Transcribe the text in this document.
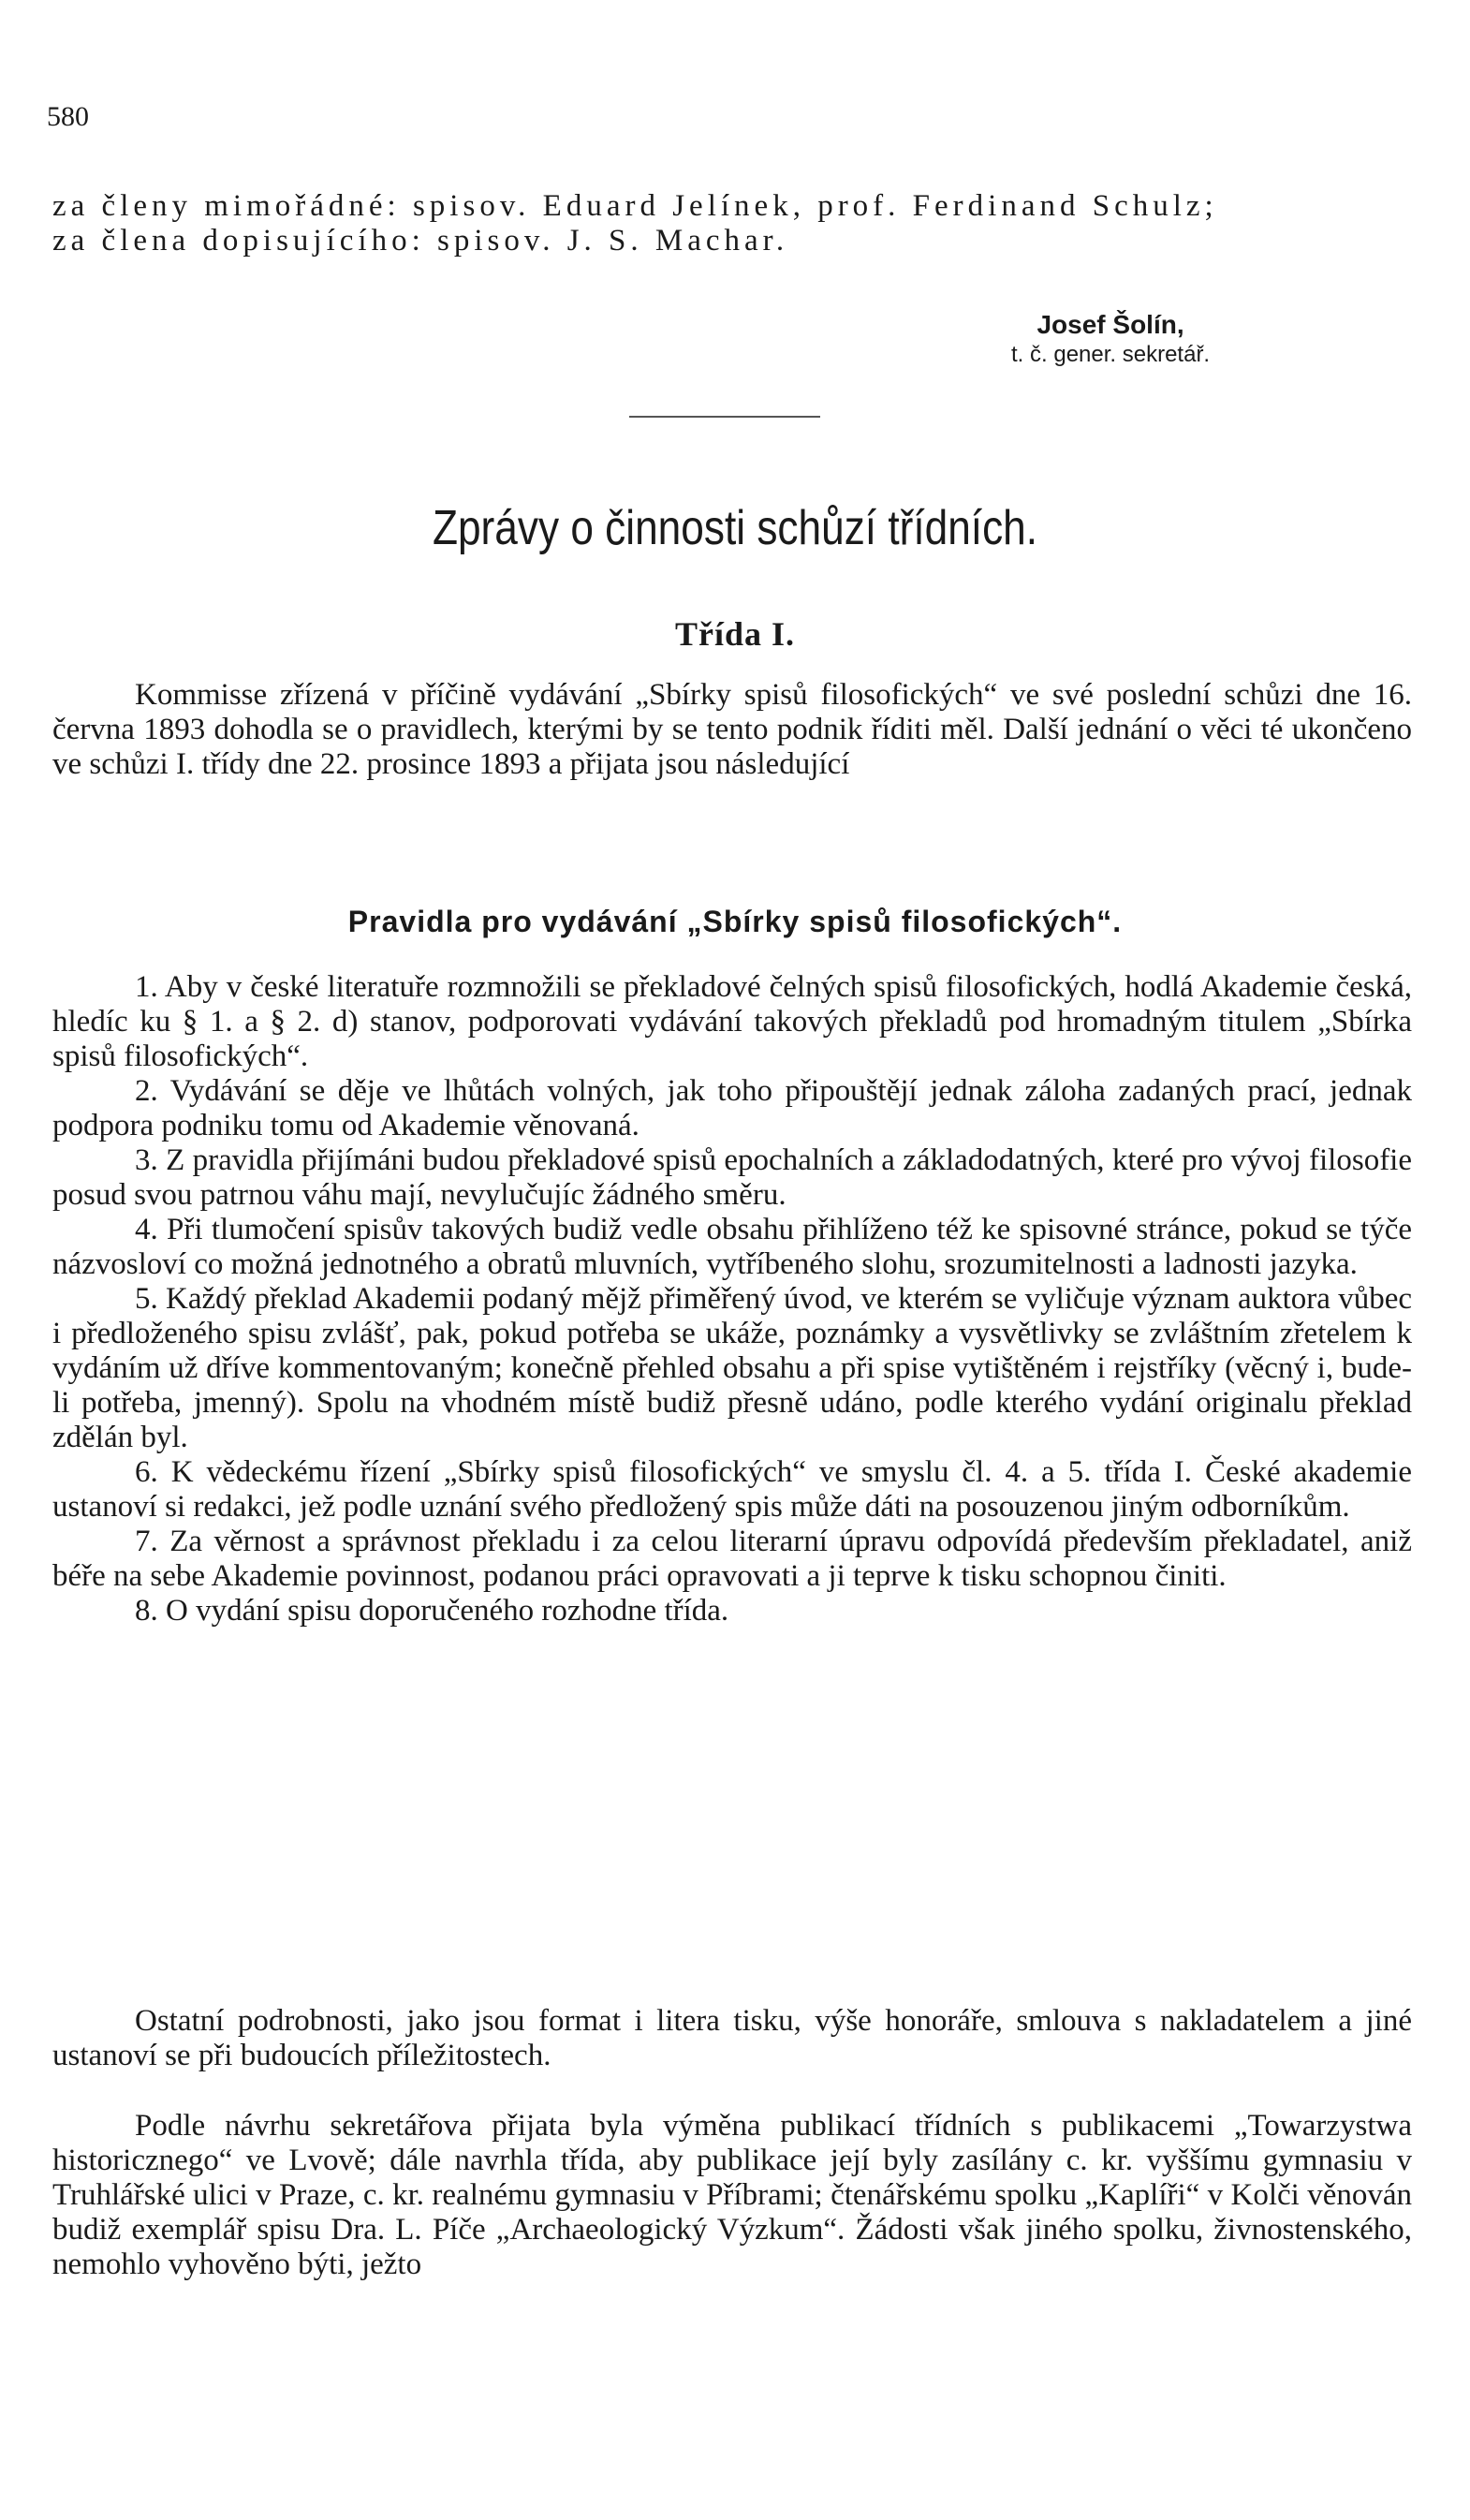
580

za členy mimořádné: spisov. Eduard Jelínek, prof. Ferdinand Schulz;

za člena dopisujícího: spisov. J. S. Machar.

Josef Šolín,
t. č. gener. sekretář.
Zprávy o činnosti schůzí třídních.
Třída I.
Kommisse zřízená v příčině vydávání „Sbírky spisů filosofických“ ve své poslední schůzi dne 16. června 1893 dohodla se o pravidlech, kterými by se tento podnik říditi měl. Další jednání o věci té ukončeno ve schůzi I. třídy dne 22. prosince 1893 a přijata jsou následující
Pravidla pro vydávání „Sbírky spisů filosofických“.

1. Aby v české literatuře rozmnožili se překladové čelných spisů filosofických, hodlá Akademie česká, hledíc ku § 1. a § 2. d) stanov, podporovati vydávání takových překladů pod hromadným titulem „Sbírka spisů filosofických“.

2. Vydávání se děje ve lhůtách volných, jak toho připouštějí jednak záloha zadaných prací, jednak podpora podniku tomu od Akademie věnovaná.

3. Z pravidla přijímáni budou překladové spisů epochalních a základodatných, které pro vývoj filosofie posud svou patrnou váhu mají, nevylučujíc žádného směru.

4. Při tlumočení spisův takových budiž vedle obsahu přihlíženo též ke spisovné stránce, pokud se týče názvosloví co možná jednotného a obratů mluvních, vytříbeného slohu, srozumitelnosti a ladnosti jazyka.

5. Každý překlad Akademii podaný mějž přiměřený úvod, ve kterém se vyličuje význam auktora vůbec i předloženého spisu zvlášť, pak, pokud potřeba se ukáže, poznámky a vysvětlivky se zvláštním zřetelem k vydáním už dříve kommentovaným; konečně přehled obsahu a při spise vytištěném i rejstříky (věcný i, bude-li potřeba, jmenný). Spolu na vhodném místě budiž přesně udáno, podle kterého vydání originalu překlad zdělán byl.

6. K vědeckému řízení „Sbírky spisů filosofických“ ve smyslu čl. 4. a 5. třída I. České akademie ustanoví si redakci, jež podle uznání svého předložený spis může dáti na posouzenou jiným odborníkům.

7. Za věrnost a správnost překladu i za celou literarní úpravu odpovídá především překladatel, aniž béře na sebe Akademie povinnost, podanou práci opravovati a ji teprve k tisku schopnou činiti.

8. O vydání spisu doporučeného rozhodne třída.

Ostatní podrobnosti, jako jsou format i litera tisku, výše honoráře, smlouva s nakladatelem a jiné ustanoví se při budoucích příležitostech.
Podle návrhu sekretářova přijata byla výměna publikací třídních s publikacemi „Towarzystwa historicznego“ ve Lvově; dále navrhla třída, aby publikace její byly zasílány c. kr. vyššímu gymnasiu v Truhlářské ulici v Praze, c. kr. realnému gymnasiu v Příbrami; čtenářskému spolku „Kaplíři“ v Kolči věnován budiž exemplář spisu Dra. L. Píče „Archaeologický Výzkum“. Žádosti však jiného spolku, živnostenského, nemohlo vyhověno býti, ježto
